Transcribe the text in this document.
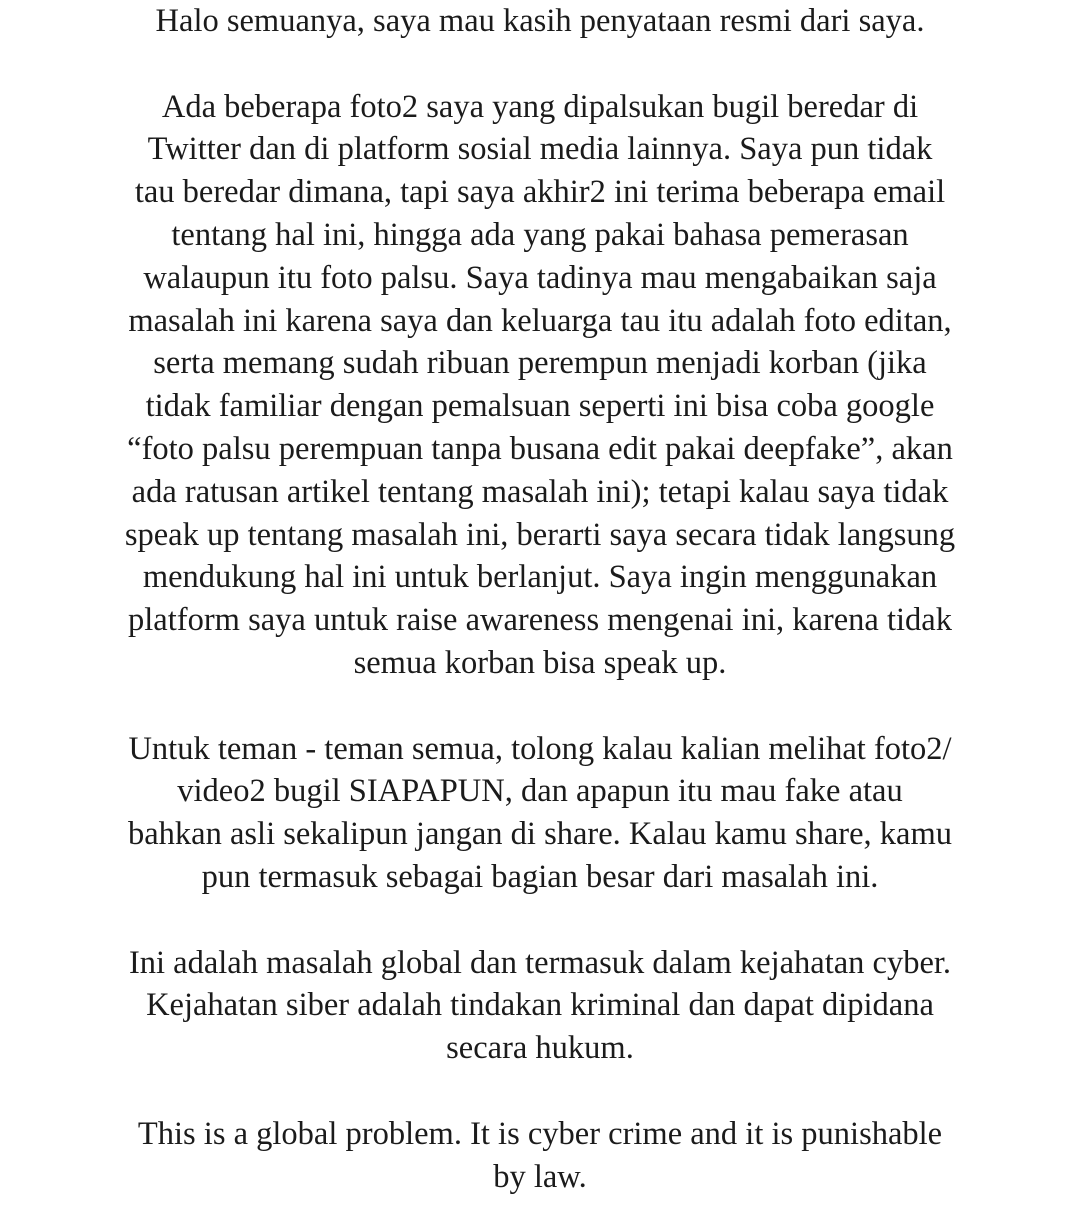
Halo semuanya, saya mau kasih penyataan resmi dari saya.

Ada beberapa foto2 saya yang dipalsukan bugil beredar di
Twitter dan di platform sosial media lainnya. Saya pun tidak
tau beredar dimana, tapi saya akhir2 ini terima beberapa email
tentang hal ini, hingga ada yang pakai bahasa pemerasan
walaupun itu foto palsu. Saya tadinya mau mengabaikan saja
masalah ini karena saya dan keluarga tau itu adalah foto editan,
serta memang sudah ribuan perempun menjadi korban (jika
tidak familiar dengan pemalsuan seperti ini bisa coba google
“foto palsu perempuan tanpa busana edit pakai deepfake”, akan
ada ratusan artikel tentang masalah ini); tetapi kalau saya tidak
speak up tentang masalah ini, berarti saya secara tidak langsung
mendukung hal ini untuk berlanjut. Saya ingin menggunakan
platform saya untuk raise awareness mengenai ini, karena tidak
semua korban bisa speak up.

Untuk teman - teman semua, tolong kalau kalian melihat foto2/
video2 bugil SIAPAPUN, dan apapun itu mau fake atau
bahkan asli sekalipun jangan di share. Kalau kamu share, kamu
pun termasuk sebagai bagian besar dari masalah ini.

Ini adalah masalah global dan termasuk dalam kejahatan cyber.
Kejahatan siber adalah tindakan kriminal dan dapat dipidana
secara hukum.

This is a global problem. It is cyber crime and it is punishable
by law.
